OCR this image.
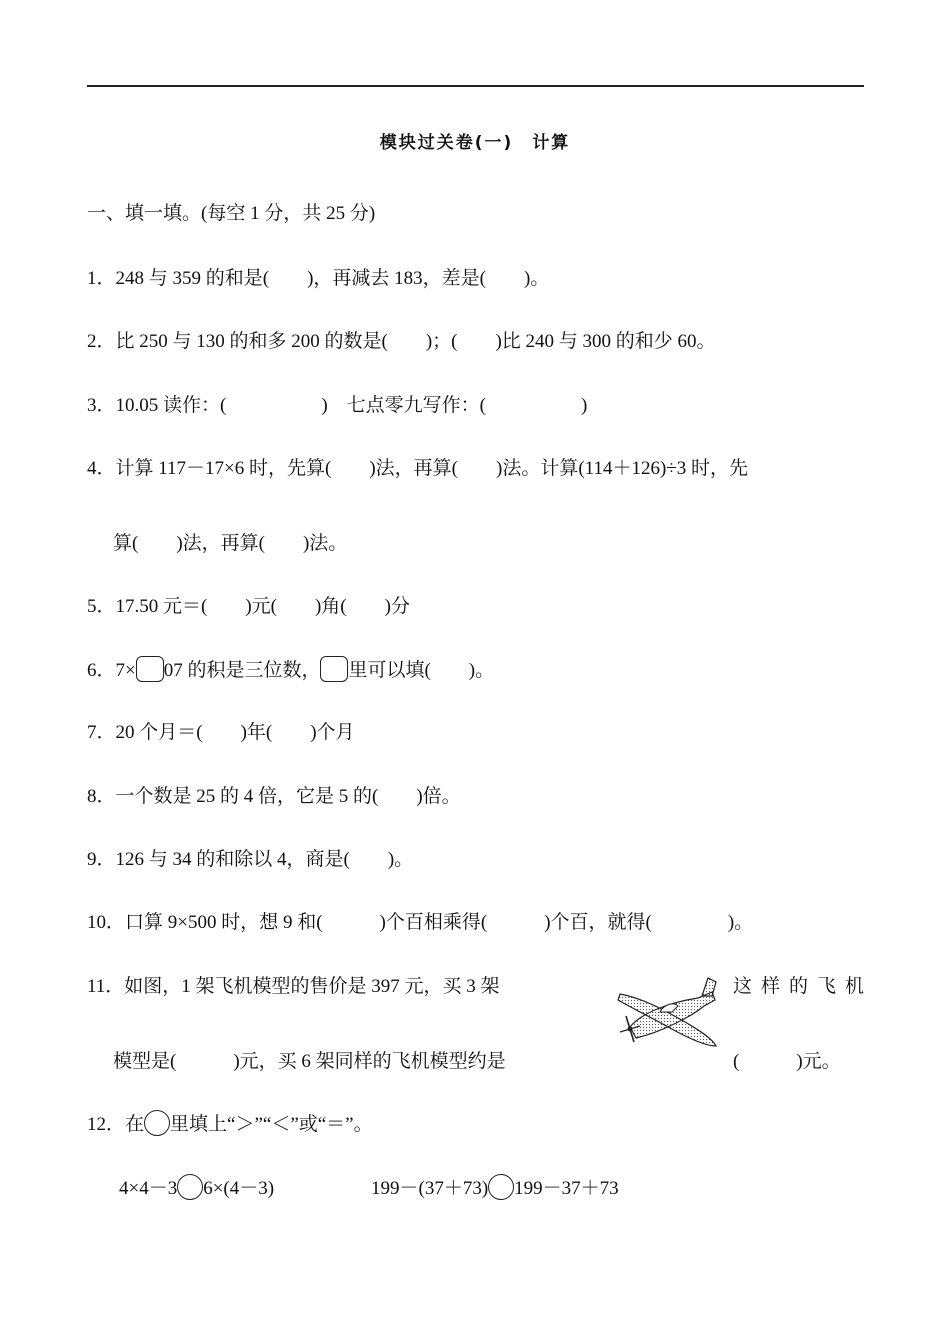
模块过关卷(一)　计算
一、填一填。(每空 1 分，共 25 分)
1．248 与 359 的和是(　　)，再减去 183，差是(　　)。
2．比 250 与 130 的和多 200 的数是(　　)；(　　)比 240 与 300 的和少 60。
3．10.05 读作：(　　　　　)　七点零九写作：(　　　　　)
4．计算 117－17×6 时，先算(　　)法，再算(　　)法。计算(114＋126)÷3 时，先
算(　　)法，再算(　　)法。
5．17.50 元＝(　　)元(　　)角(　　)分
6．7× 07 的积是三位数， 里可以填(　　)。
7．20 个月＝(　　)年(　　)个月
8．一个数是 25 的 4 倍，它是 5 的(　　)倍。
9．126 与 34 的和除以 4，商是(　　)。
10．口算 9×500 时，想 9 和(　　　)个百相乘得(　　　)个百，就得(　　　　)。
11．如图，1 架飞机模型的售价是 397 元，买 3 架	这样的飞机
模型是(　　　)元，买 6 架同样的飞机模型约是	(　　　)元。
12．在 里填上“＞”“＜”或“＝”。
4×4－3 6×(4－3)	199－(37＋73) 199－37＋73
